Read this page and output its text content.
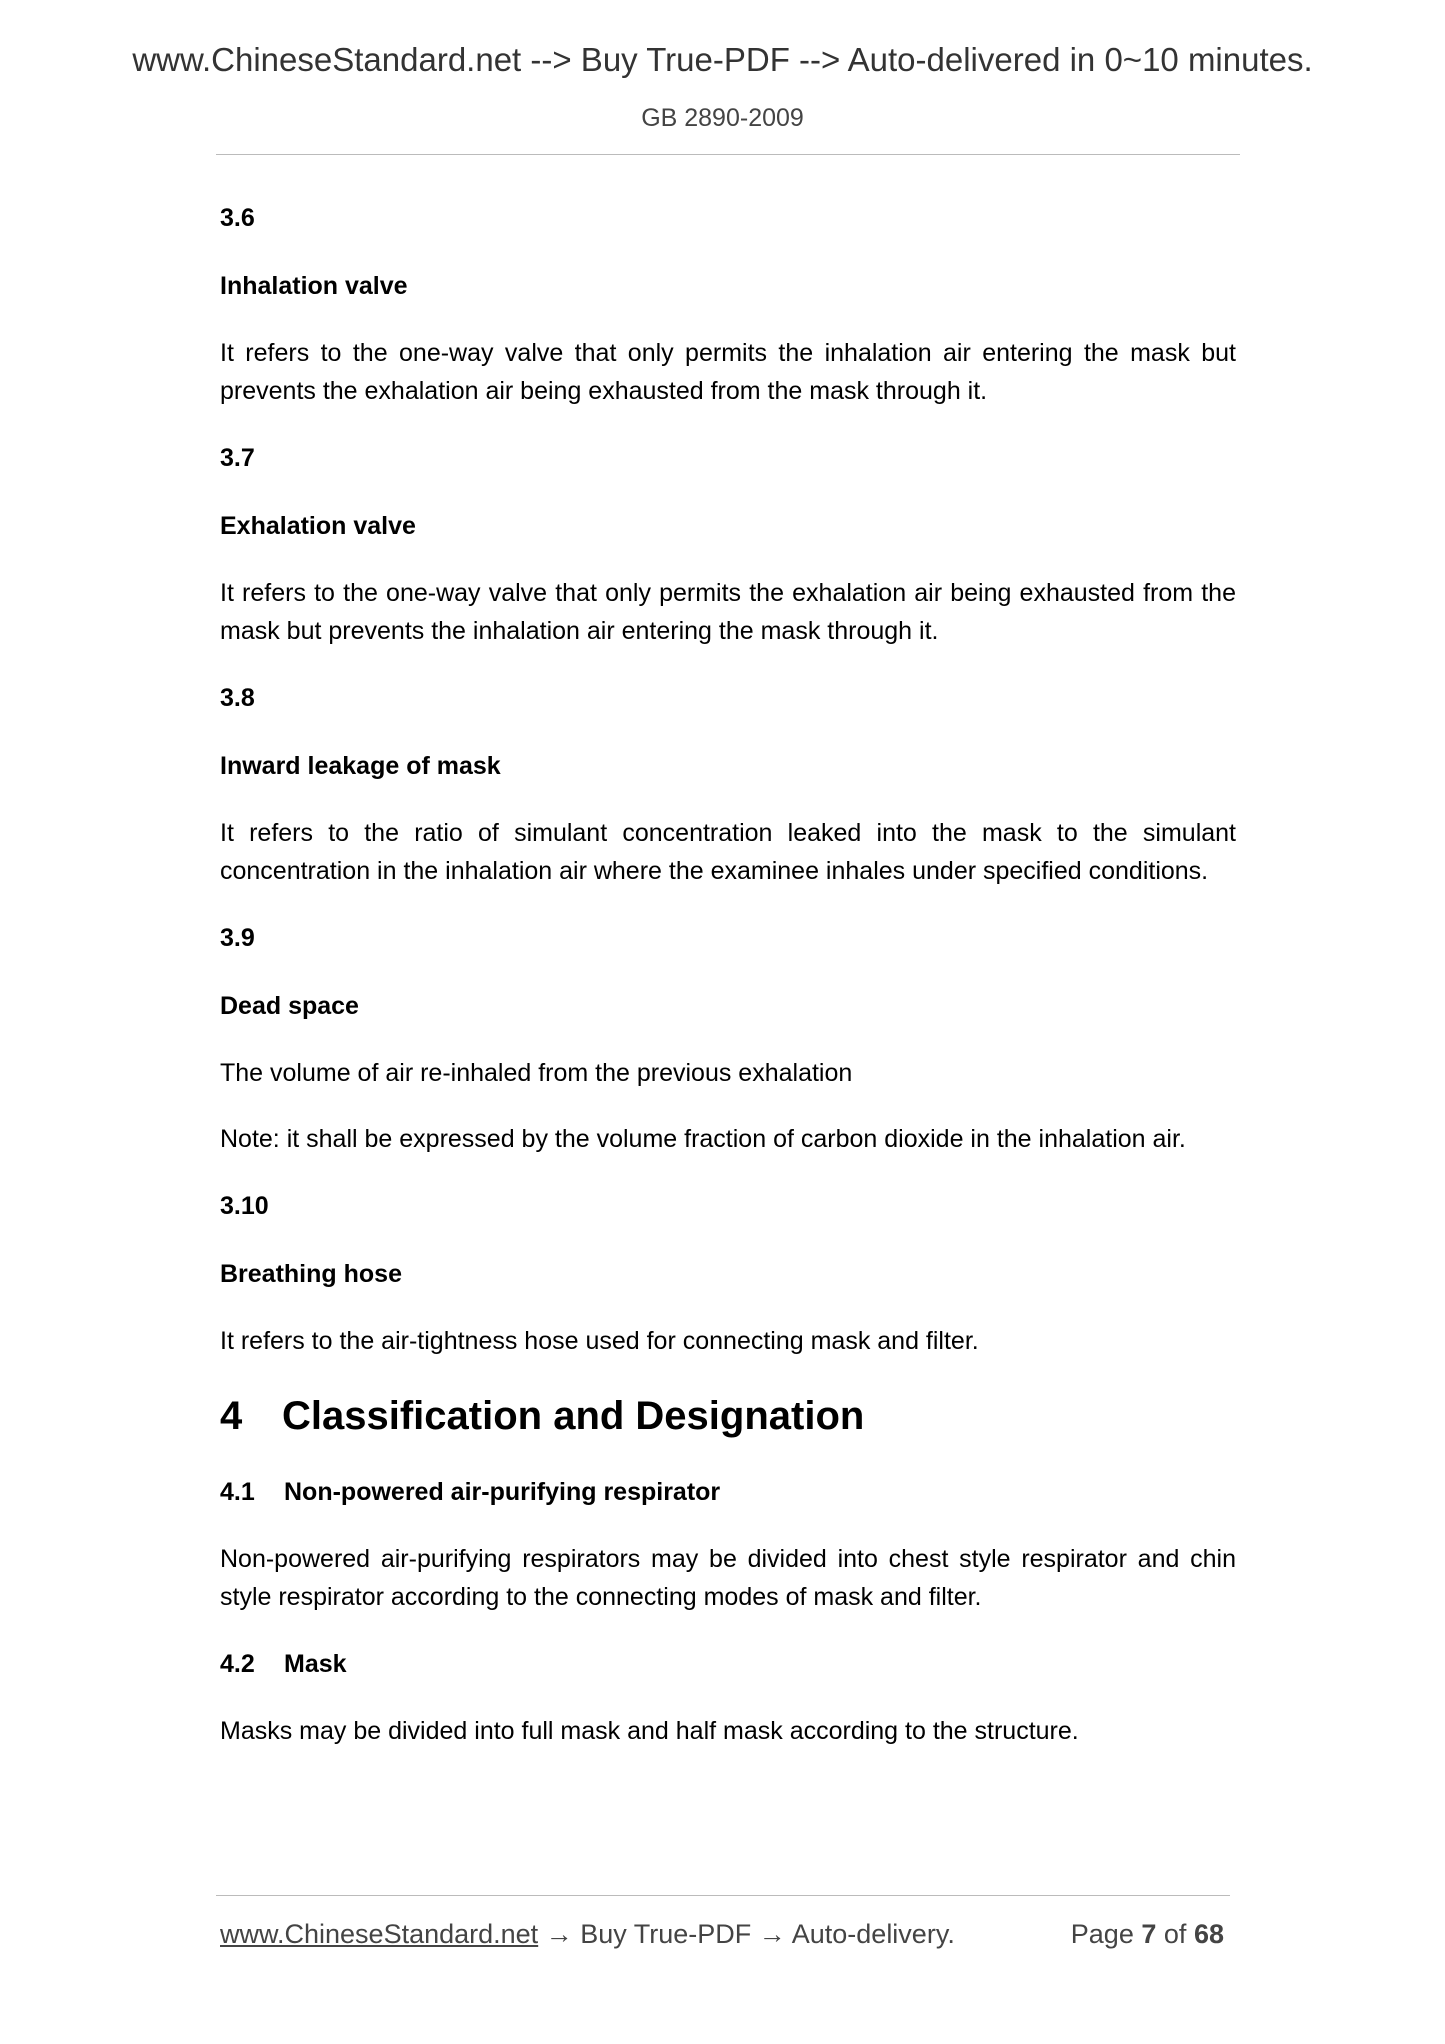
www.ChineseStandard.net --> Buy True-PDF --> Auto-delivered in 0~10 minutes.
GB 2890-2009
3.6
Inhalation valve
It refers to the one-way valve that only permits the inhalation air entering the mask but prevents the exhalation air being exhausted from the mask through it.
3.7
Exhalation valve
It refers to the one-way valve that only permits the exhalation air being exhausted from the mask but prevents the inhalation air entering the mask through it.
3.8
Inward leakage of mask
It refers to the ratio of simulant concentration leaked into the mask to the simulant concentration in the inhalation air where the examinee inhales under specified conditions.
3.9
Dead space
The volume of air re-inhaled from the previous exhalation
Note: it shall be expressed by the volume fraction of carbon dioxide in the inhalation air.
3.10
Breathing hose
It refers to the air-tightness hose used for connecting mask and filter.
4 Classification and Designation
4.1 Non-powered air-purifying respirator
Non-powered air-purifying respirators may be divided into chest style respirator and chin style respirator according to the connecting modes of mask and filter.
4.2 Mask
Masks may be divided into full mask and half mask according to the structure.
www.ChineseStandard.net → Buy True-PDF → Auto-delivery.	Page 7 of 68
